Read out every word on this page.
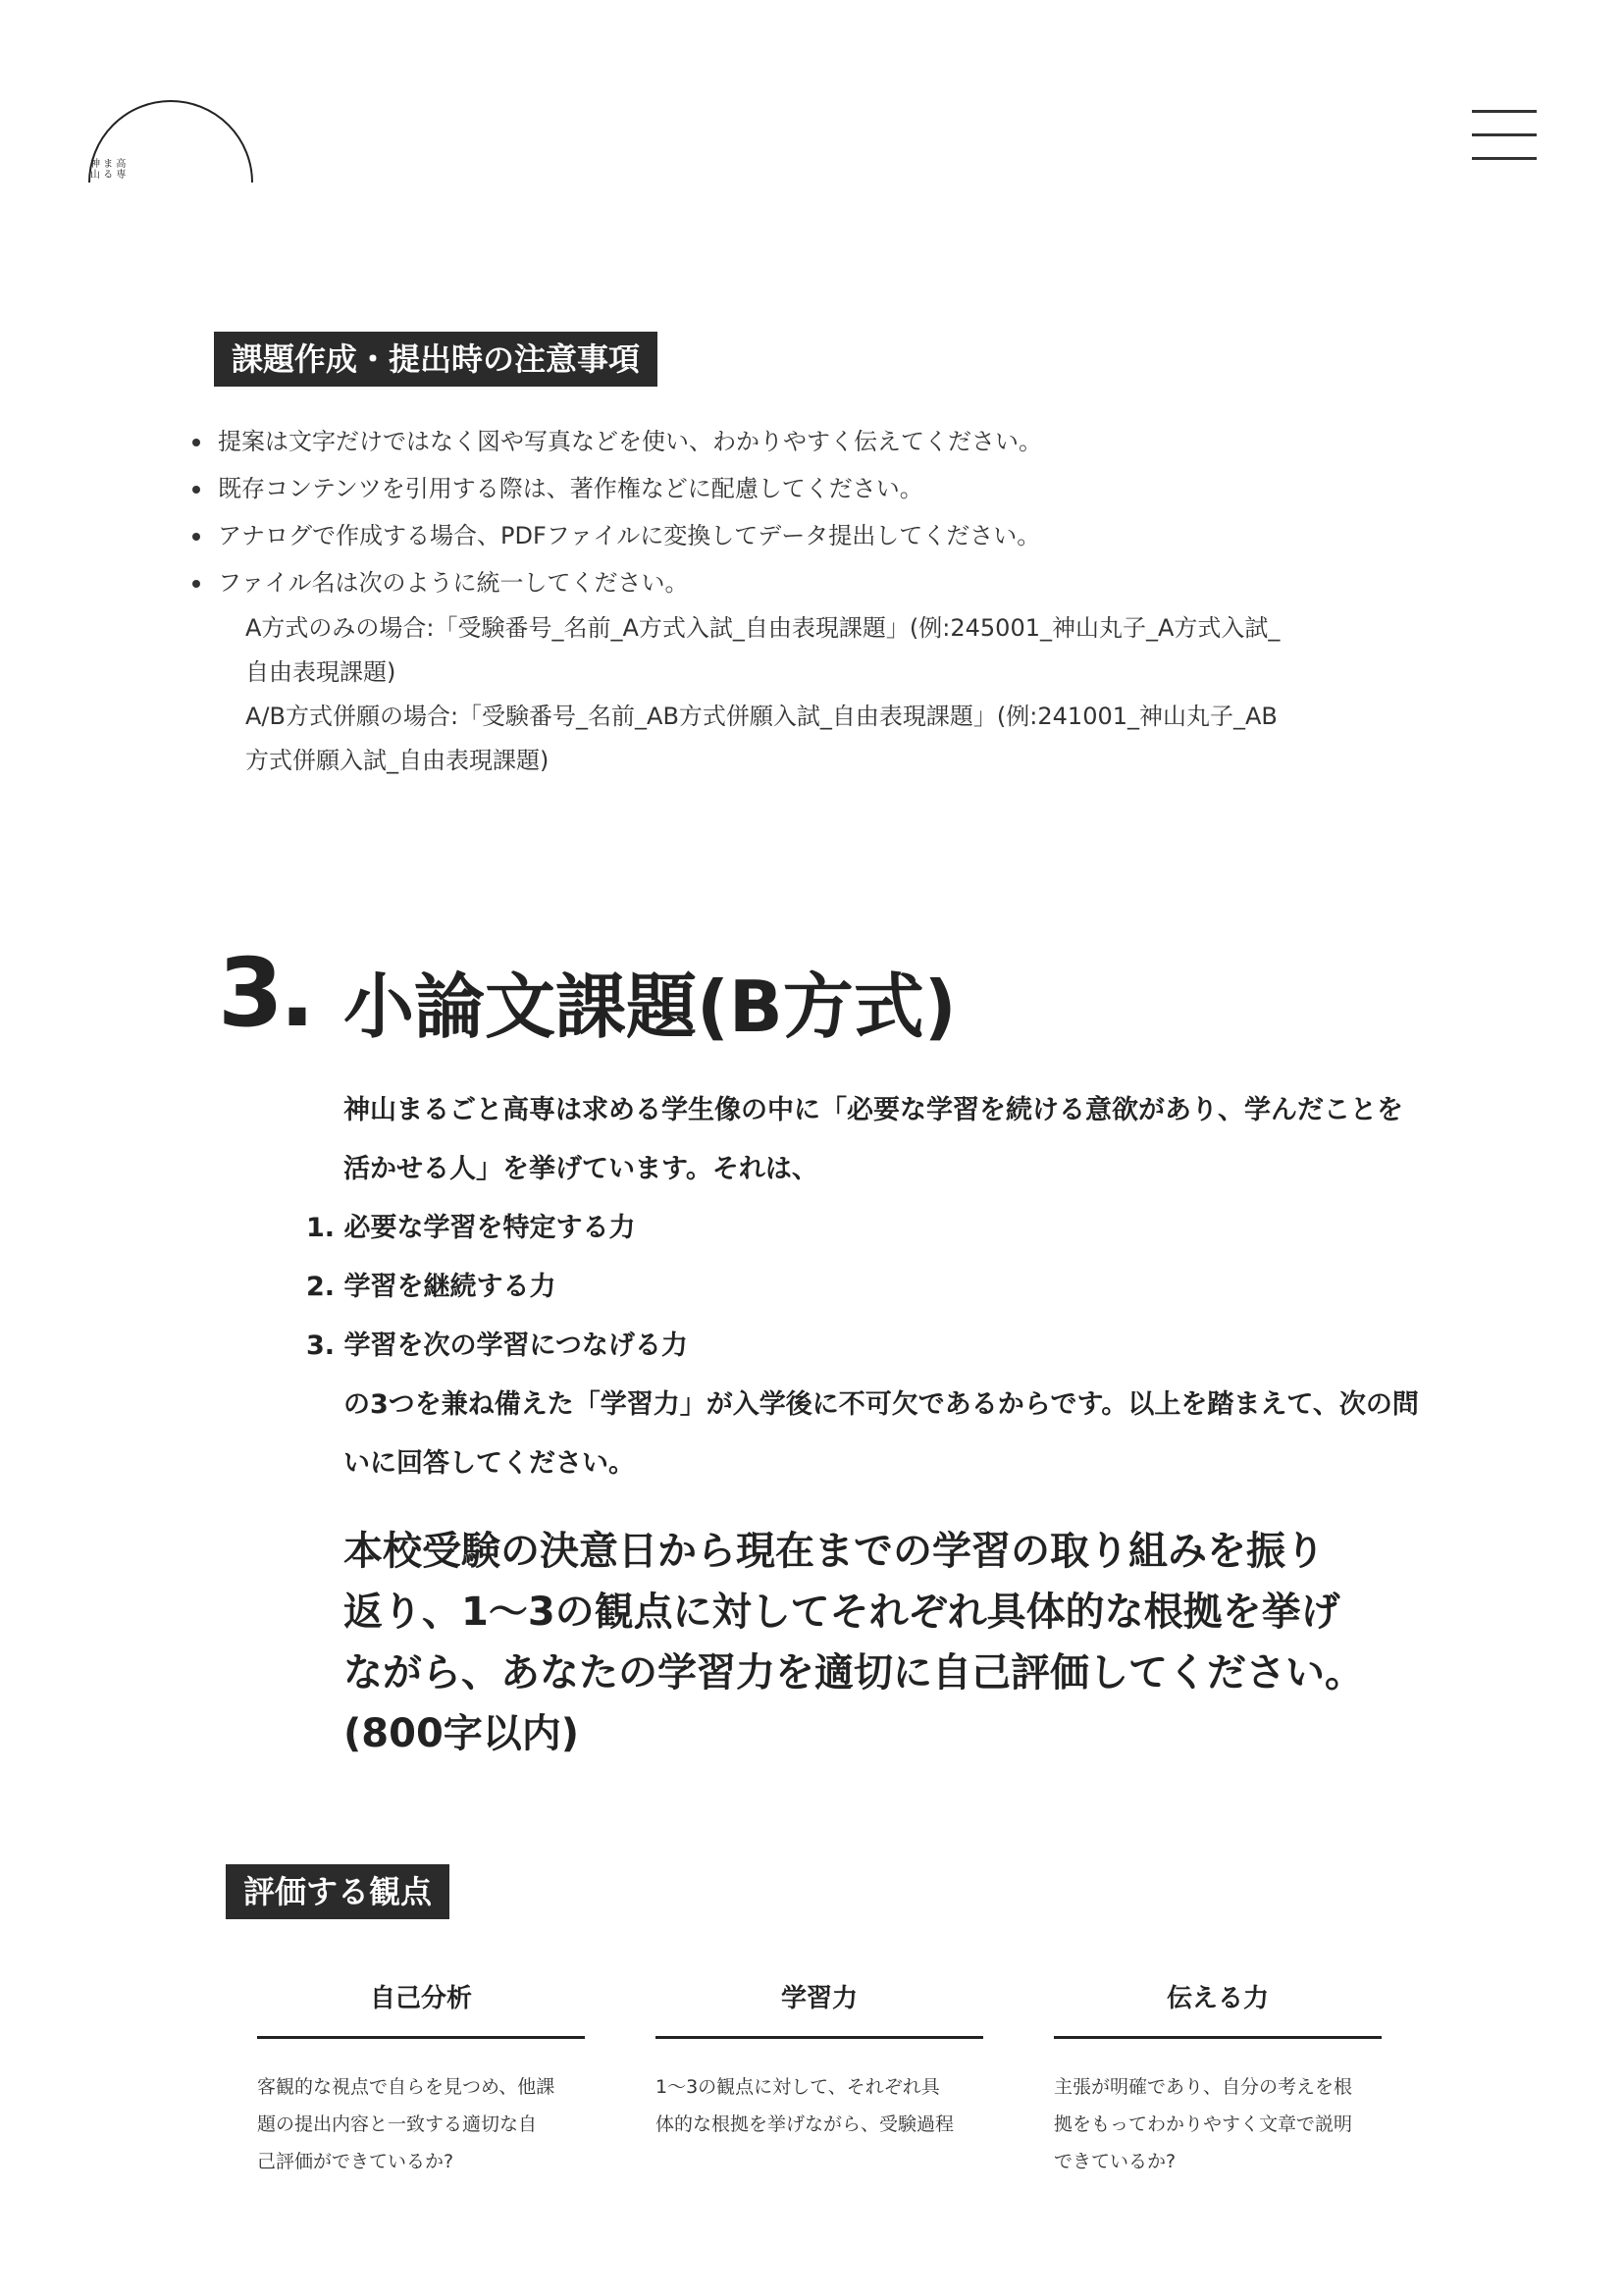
神 ま 高
山 る 専
課題作成・提出時の注意事項
提案は文字だけではなく図や写真などを使い、わかりやすく伝えてください。
既存コンテンツを引用する際は、著作権などに配慮してください。
アナログで作成する場合、PDFファイルに変換してデータ提出してください。
ファイル名は次のように統一してください。
A方式のみの場合:「受験番号_名前_A方式入試_自由表現課題」(例:245001_神山丸子_A方式入試_
自由表現課題)
A/B方式併願の場合:「受験番号_名前_AB方式併願入試_自由表現課題」(例:241001_神山丸子_AB
方式併願入試_自由表現課題)
3. 小論文課題(B方式)
神山まるごと高専は求める学生像の中に「必要な学習を続ける意欲があり、学んだことを活かせる人」を挙げています。それは、
1. 必要な学習を特定する力
2. 学習を継続する力
3. 学習を次の学習につなげる力
の3つを兼ね備えた「学習力」が入学後に不可欠であるからです。以上を踏まえて、次の問いに回答してください。
本校受験の決意日から現在までの学習の取り組みを振り
返り、1〜3の観点に対してそれぞれ具体的な根拠を挙げ
ながら、あなたの学習力を適切に自己評価してください。
(800字以内)
評価する観点
自己分析
客観的な視点で自らを見つめ、他課
題の提出内容と一致する適切な自
己評価ができているか?
学習力
1〜3の観点に対して、それぞれ具
体的な根拠を挙げながら、受験過程
伝える力
主張が明確であり、自分の考えを根
拠をもってわかりやすく文章で説明
できているか?
